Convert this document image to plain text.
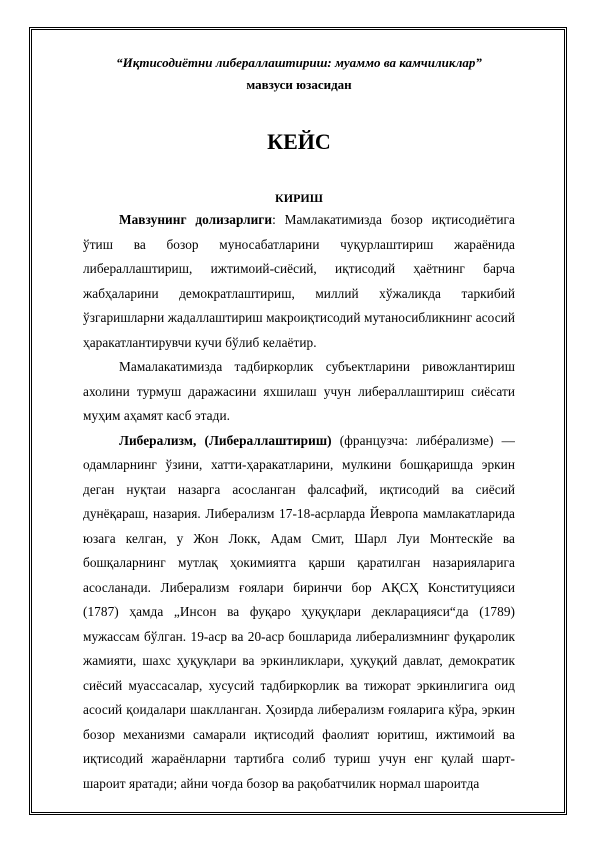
“Иқтисодиётни либераллаштириш: муаммо ва камчиликлар”

мавзуси юзасидан

КЕЙС
КИРИШ

Мавзунинг долизарлиги: Мамлакатимизда бозор иқтисодиётига ўтиш ва бозор муносабатларини чуқурлаштириш жараёнида либераллаштириш, ижтимоий-сиёсий, иқтисодий ҳаётнинг барча жабҳаларини демократлаштириш, миллий хўжаликда таркибий ўзгаришларни жадаллаштириш макроиқтисодий мутаносибликнинг асосий ҳаракатлантирувчи кучи бўлиб келаётир.

Мамалакатимизда тадбиркорлик субъектларини ривожлантириш ахолини турмуш даражасини яхшилаш учун либераллаштириш сиёсати муҳим аҳамят касб этади.

Либерализм, (Либераллаштириш) (французча: либéрализмe) — одамларнинг ўзини, хатти-ҳаракатларини, мулкини бошқаришда эркин деган нуқтаи назарга асосланган фалсафий, иқтисодий ва сиёсий дунёқараш, назария. Либерализм 17-18-асрларда Йевропа мамлакатларида юзага келган, у Жон Локк, Адам Смит, Шарл Луи Монтескйе ва бошқаларнинг мутлақ ҳокимиятга қарши қаратилган назарияларига асосланади. Либерализм ғоялари биринчи бор АҚСҲ Конституцияси (1787) ҳамда „Инсон ва фуқаро ҳуқуқлари декларацияси“да (1789) мужассам бўлган. 19-аср ва 20-аср бошларида либерализмнинг фуқаролик жамияти, шахс ҳуқуқлари ва эркинликлари, ҳуқуқий давлат, демократик сиёсий муассасалар, хусусий тадбиркорлик ва тижорат эркинлигига оид асосий қоидалари шаклланган. Ҳозирда либерализм ғояларига кўра, эркин бозор механизми самарали иқтисодий фаолият юритиш, ижтимоий ва иқтисодий жараёнларни тартибга солиб туриш учун енг қулай шарт-шароит яратади; айни чоғда бозор ва рақобатчилик нормал шароитда
